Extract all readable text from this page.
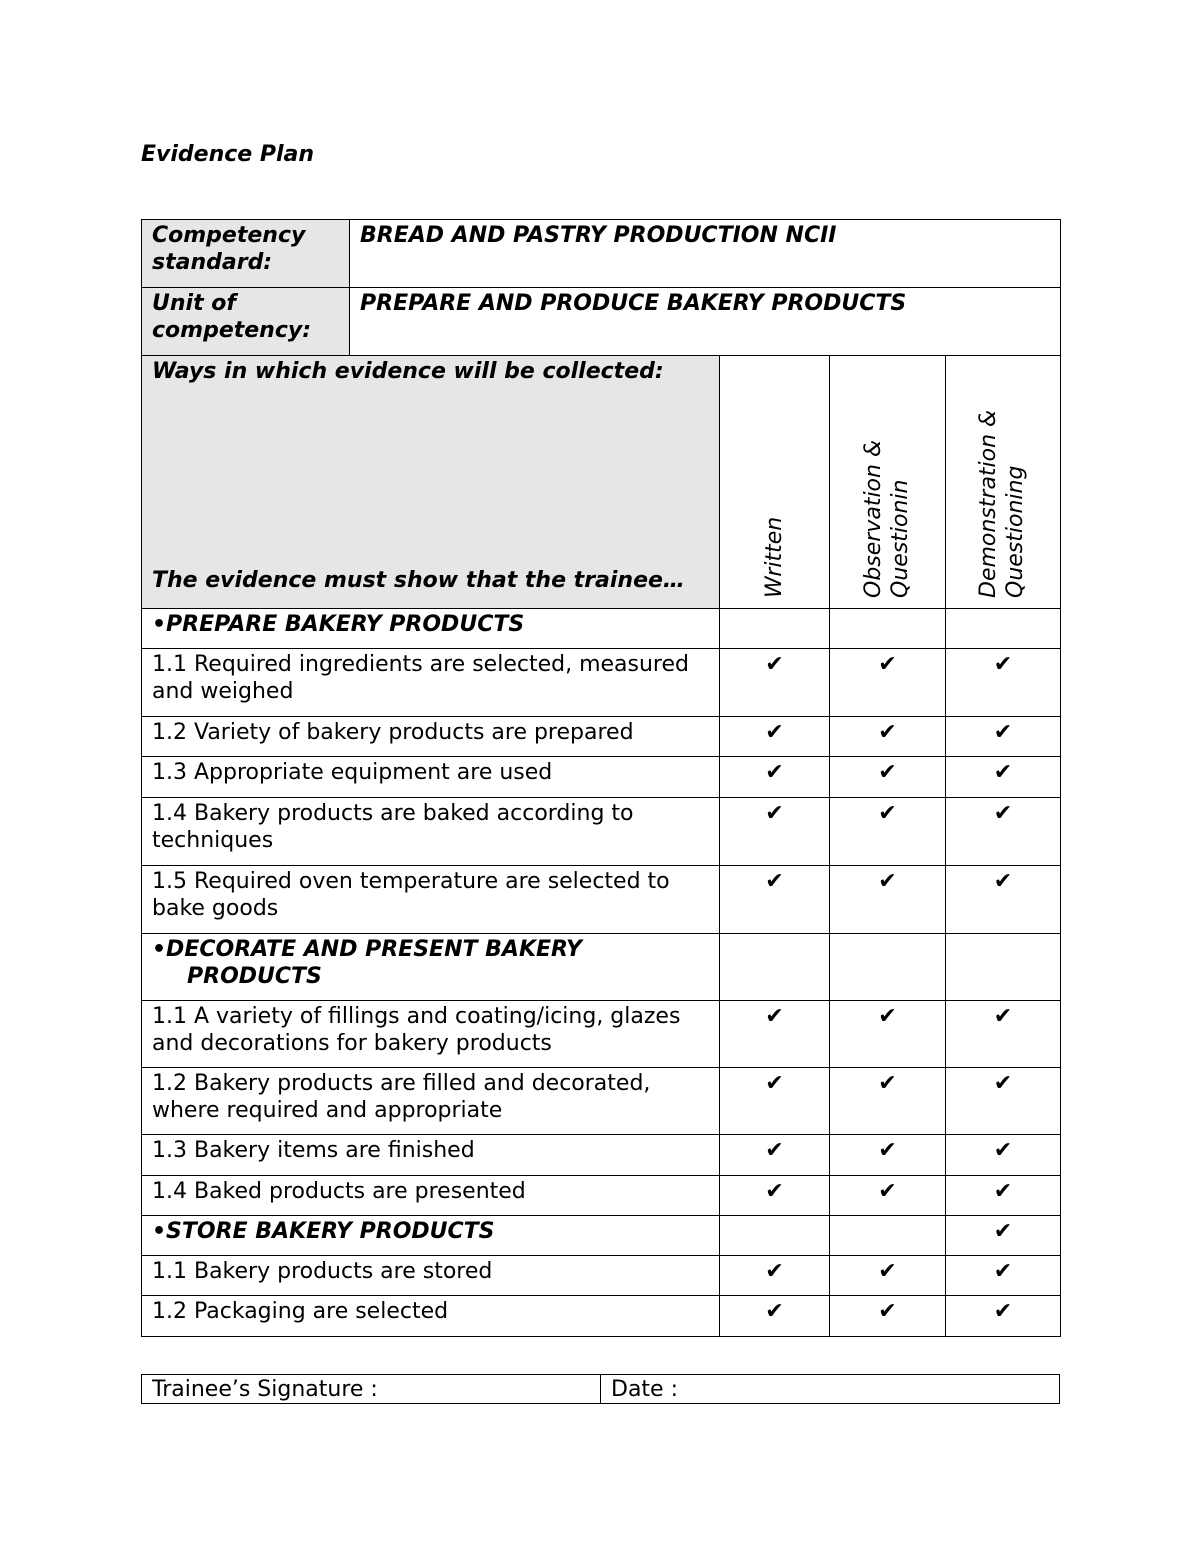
Evidence Plan
Competency standard:	BREAD AND PASTRY PRODUCTION NCII			
Unit of competency:	PREPARE AND PRODUCE BAKERY PRODUCTS			

Ways in which evidence will be collected:
The evidence must show that the trainee…		Written	Observation & Questionin	Demonstration & Questioning
•PREPARE BAKERY PRODUCTS				
1.1 Required ingredients are selected, measured and weighed		✔	✔	✔
1.2 Variety of bakery products are prepared		✔	✔	✔
1.3 Appropriate equipment are used		✔	✔	✔
1.4 Bakery products are baked according to techniques		✔	✔	✔
1.5 Required oven temperature are selected to bake goods		✔	✔	✔

•DECORATE AND PRESENT BAKERY
PRODUCTS				

1.1 A variety of fillings and coating/icing, glazes and decorations for bakery products		✔	✔	✔
1.2 Bakery products are filled and decorated, where required and appropriate		✔	✔	✔
1.3 Bakery items are finished		✔	✔	✔
1.4 Baked products are presented		✔	✔	✔
•STORE BAKERY PRODUCTS				✔
1.1 Bakery products are stored		✔	✔	✔
1.2 Packaging are selected		✔	✔	✔
Trainee’s Signature :	Date :
